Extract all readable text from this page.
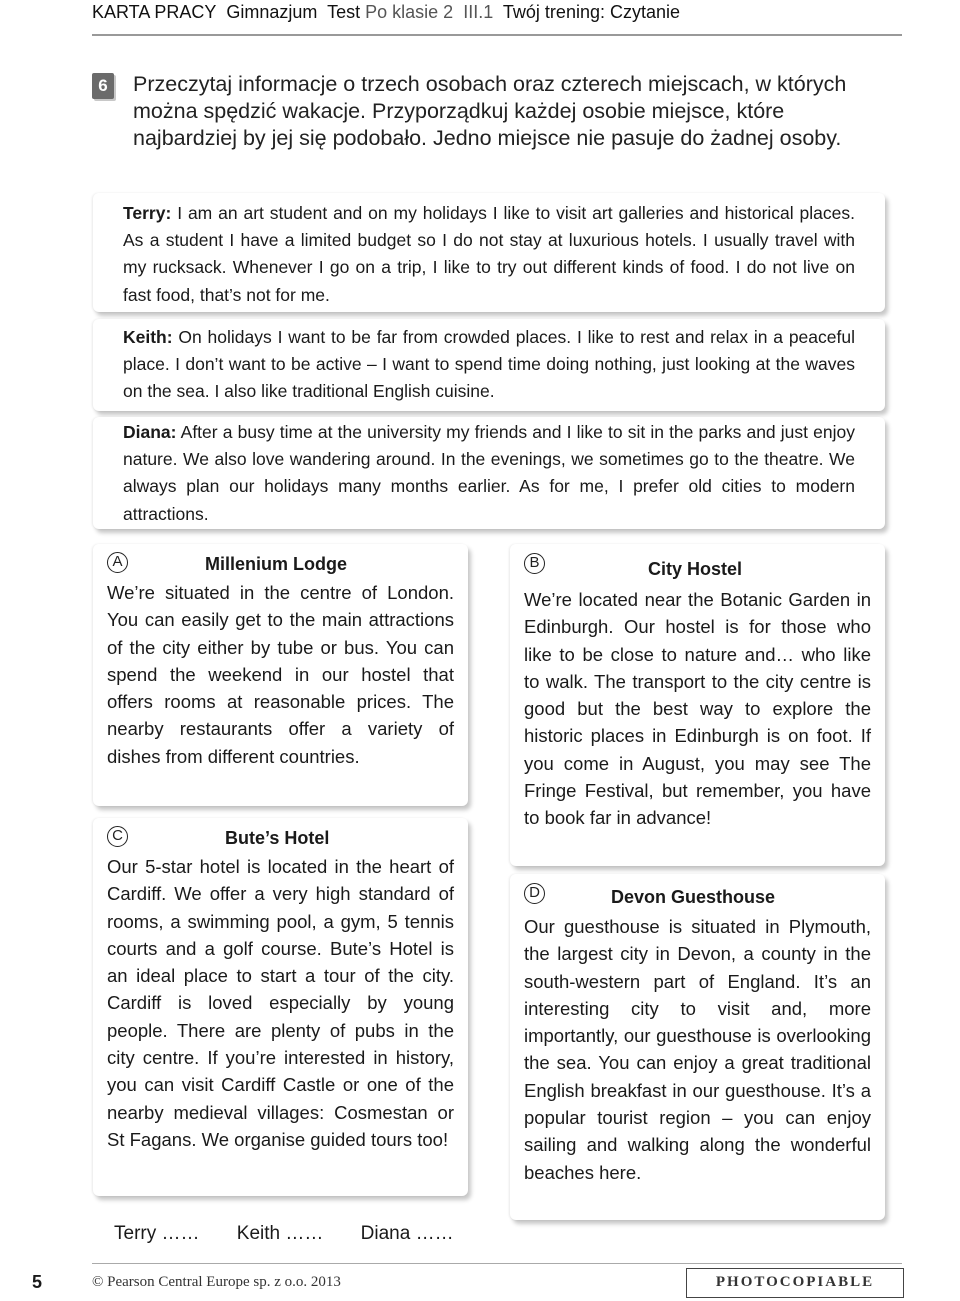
KARTA PRACY Gimnazjum Test Po klasie 2 III.1 Twój trening: Czytanie
6 Przeczytaj informacje o trzech osobach oraz czterech miejscach, w których można spędzić wakacje. Przyporządkuj każdej osobie miejsce, które najbardziej by jej się podobało. Jedno miejsce nie pasuje do żadnej osoby.

Terry: I am an art student and on my holidays I like to visit art galleries and historical places. As a student I have a limited budget so I do not stay at luxurious hotels. I usually travel with my rucksack. Whenever I go on a trip, I like to try out different kinds of food. I do not live on fast food, that’s not for me.

Keith: On holidays I want to be far from crowded places. I like to rest and relax in a peaceful place. I don’t want to be active – I want to spend time doing nothing, just looking at the waves on the sea. I also like traditional English cuisine.

Diana: After a busy time at the university my friends and I like to sit in the parks and just enjoy nature. We also love wandering around. In the evenings, we sometimes go to the theatre. We always plan our holidays many months earlier. As for me, I prefer old cities to modern attractions.

A	Millenium Lodge

We’re situated in the centre of London. You can easily get to the main attractions of the city either by tube or bus. You can spend the weekend in our hostel that offers rooms at reasonable prices. The nearby restaurants offer a variety of dishes from different countries.

C	Bute’s Hotel

Our 5-star hotel is located in the heart of Cardiff. We offer a very high standard of rooms, a swimming pool, a gym, 5 tennis courts and a golf course. Bute’s Hotel is an ideal place to start a tour of the city. Cardiff is loved especially by young people. There are plenty of pubs in the city centre. If you’re interested in history, you can visit Cardiff Castle or one of the nearby medieval villages: Cosmestan or St Fagans. We organise guided tours too!

B	City Hostel

We’re located near the Botanic Garden in Edinburgh. Our hostel is for those who like to be close to nature and… who like to walk. The transport to the city centre is good but the best way to explore the historic places in Edinburgh is on foot. If you come in August, you may see The Fringe Festival, but remember, you have to book far in advance!

D	Devon Guesthouse

Our guesthouse is situated in Plymouth, the largest city in Devon, a county in the south-western part of England. It’s an interesting city to visit and, more importantly, our guesthouse is overlooking the sea. You can enjoy a great traditional English breakfast in our guesthouse. It’s a popular tourist region – you can enjoy sailing and walking along the wonderful beaches here.

Terry …… Keith …… Diana ……
5	© Pearson Central Europe sp. z o.o. 2013	PHOTOCOPIABLE
